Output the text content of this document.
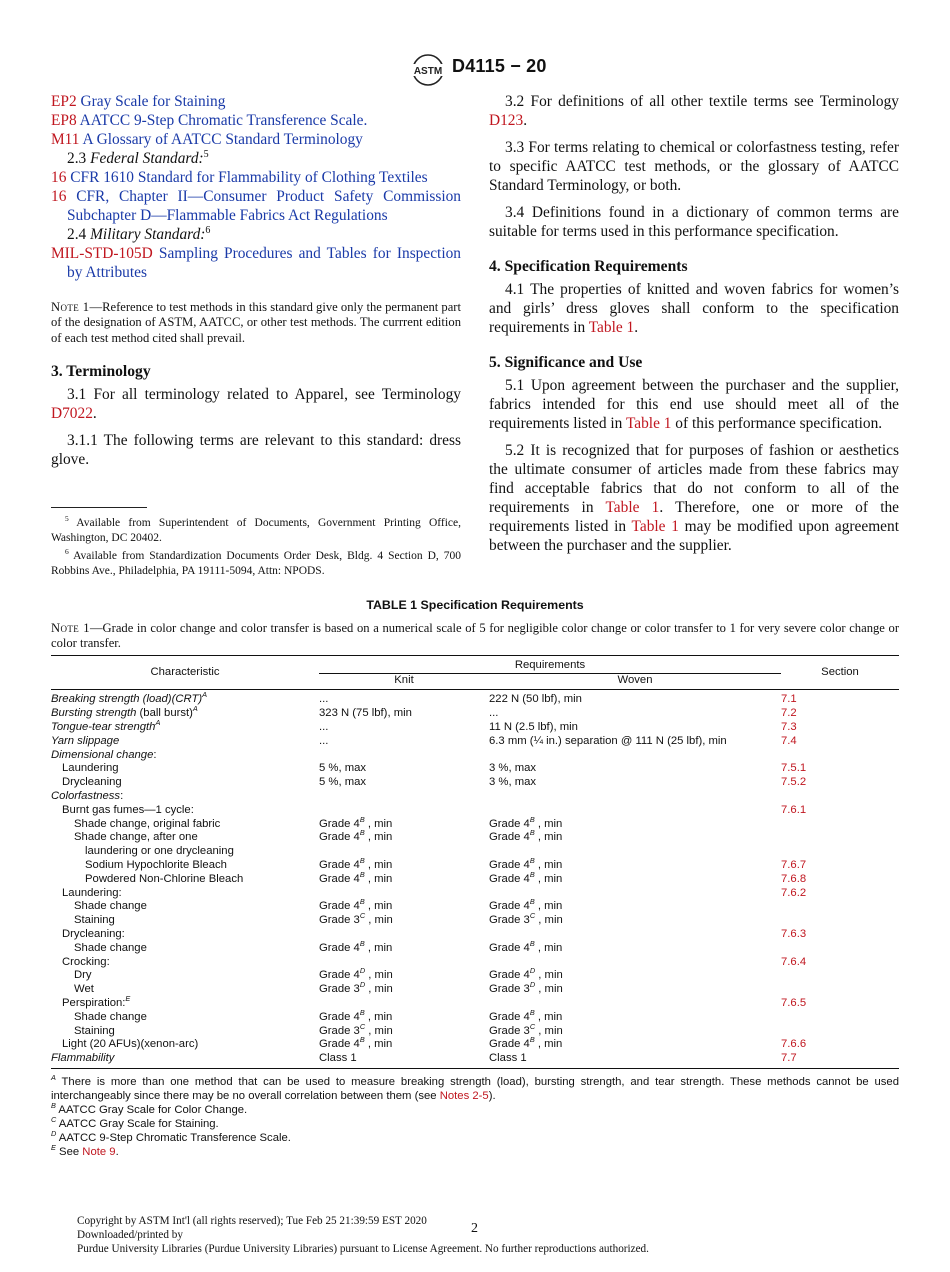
ASTM D4115 − 20

EP2 Gray Scale for Staining

EP8 AATCC 9-Step Chromatic Transference Scale.

M11 A Glossary of AATCC Standard Terminology

2.3 Federal Standard:$^5$

16 CFR 1610 Standard for Flammability of Clothing Textiles

16 CFR, Chapter II—Consumer Product Safety Commission Subchapter D—Flammable Fabrics Act Regulations

2.4 Military Standard:$^6$

MIL-STD-105D Sampling Procedures and Tables for Inspection by Attributes

Note 1—Reference to test methods in this standard give only the permanent part of the designation of ASTM, AATCC, or other test methods. The currrent edition of each test method cited shall prevail.

3. Terminology

3.1 For all terminology related to Apparel, see Terminology D7022.

3.1.1 The following terms are relevant to this standard: dress glove.

$^5$ Available from Superintendent of Documents, Government Printing Office, Washington, DC 20402.

$^6$ Available from Standardization Documents Order Desk, Bldg. 4 Section D, 700 Robbins Ave., Philadelphia, PA 19111-5094, Attn: NPODS.

3.2 For definitions of all other textile terms see Terminology D123.

3.3 For terms relating to chemical or colorfastness testing, refer to specific AATCC test methods, or the glossary of AATCC Standard Terminology, or both.

3.4 Definitions found in a dictionary of common terms are suitable for terms used in this performance specification.

4. Specification Requirements

4.1 The properties of knitted and woven fabrics for women’s and girls’ dress gloves shall conform to the specification requirements in Table 1.

5. Significance and Use

5.1 Upon agreement between the purchaser and the supplier, fabrics intended for this end use should meet all of the requirements listed in Table 1 of this performance specification.

5.2 It is recognized that for purposes of fashion or aesthetics the ultimate consumer of articles made from these fabrics may find acceptable fabrics that do not conform to all of the requirements in Table 1. Therefore, one or more of the requirements listed in Table 1 may be modified upon agreement between the purchaser and the supplier.

TABLE 1 Specification Requirements

Note 1—Grade in color change and color transfer is based on a numerical scale of 5 for negligible color change or color transfer to 1 for very severe color change or color transfer.

Characteristic	Requirements		Section
	Knit	Woven	
Breaking strength (load)(CRT)$^A$	...	222 N (50 lbf), min	7.1
Bursting strength (ball burst)$^A$	323 N (75 lbf), min	...	7.2
Tongue-tear strength$^A$	...	11 N (2.5 lbf), min	7.3
Yarn slippage	...	6.3 mm (¼ in.) separation @ 111 N (25 lbf), min	7.4
Dimensional change:			
Laundering	5 %, max	3 %, max	7.5.1
Drycleaning	5 %, max	3 %, max	7.5.2
Colorfastness:			
Burnt gas fumes—1 cycle:			7.6.1
Shade change, original fabric	Grade $4^B$ , min	Grade $4^B$ , min	
Shade change, after one
laundering or one drycleaning	Grade $4^B$ , min	Grade $4^B$ , min	
Sodium Hypochlorite Bleach	Grade $4^B$ , min	Grade $4^B$ , min	7.6.7
Powdered Non-Chlorine Bleach	Grade $4^B$ , min	Grade $4^B$ , min	7.6.8
Laundering:			7.6.2
Shade change	Grade $4^B$ , min	Grade $4^B$ , min	
Staining	Grade $3^C$ , min	Grade $3^C$ , min	
Drycleaning:			7.6.3
Shade change	Grade $4^B$ , min	Grade $4^B$ , min	
Crocking:			7.6.4
Dry	Grade $4^D$ , min	Grade $4^D$ , min	
Wet	Grade $3^D$ , min	Grade $3^D$ , min	
Perspiration:$^E$			7.6.5
Shade change	Grade $4^B$ , min	Grade $4^B$ , min	
Staining	Grade $3^C$ , min	Grade $3^C$ , min	
Light (20 AFUs)(xenon-arc)	Grade $4^B$ , min	Grade $4^B$ , min	7.6.6
Flammability	Class 1	Class 1	7.7

$^A$ There is more than one method that can be used to measure breaking strength (load), bursting strength, and tear strength. These methods cannot be used interchangeably since there may be no overall correlation between them (see Notes 2-5).

$^B$ AATCC Gray Scale for Color Change.

$^C$ AATCC Gray Scale for Staining.

$^D$ AATCC 9-Step Chromatic Transference Scale.

$^E$ See Note 9.

Copyright by ASTM Int'l (all rights reserved); Tue Feb 25 21:39:59 EST 2020
Downloaded/printed by
Purdue University Libraries (Purdue University Libraries) pursuant to License Agreement. No further reproductions authorized.
2
